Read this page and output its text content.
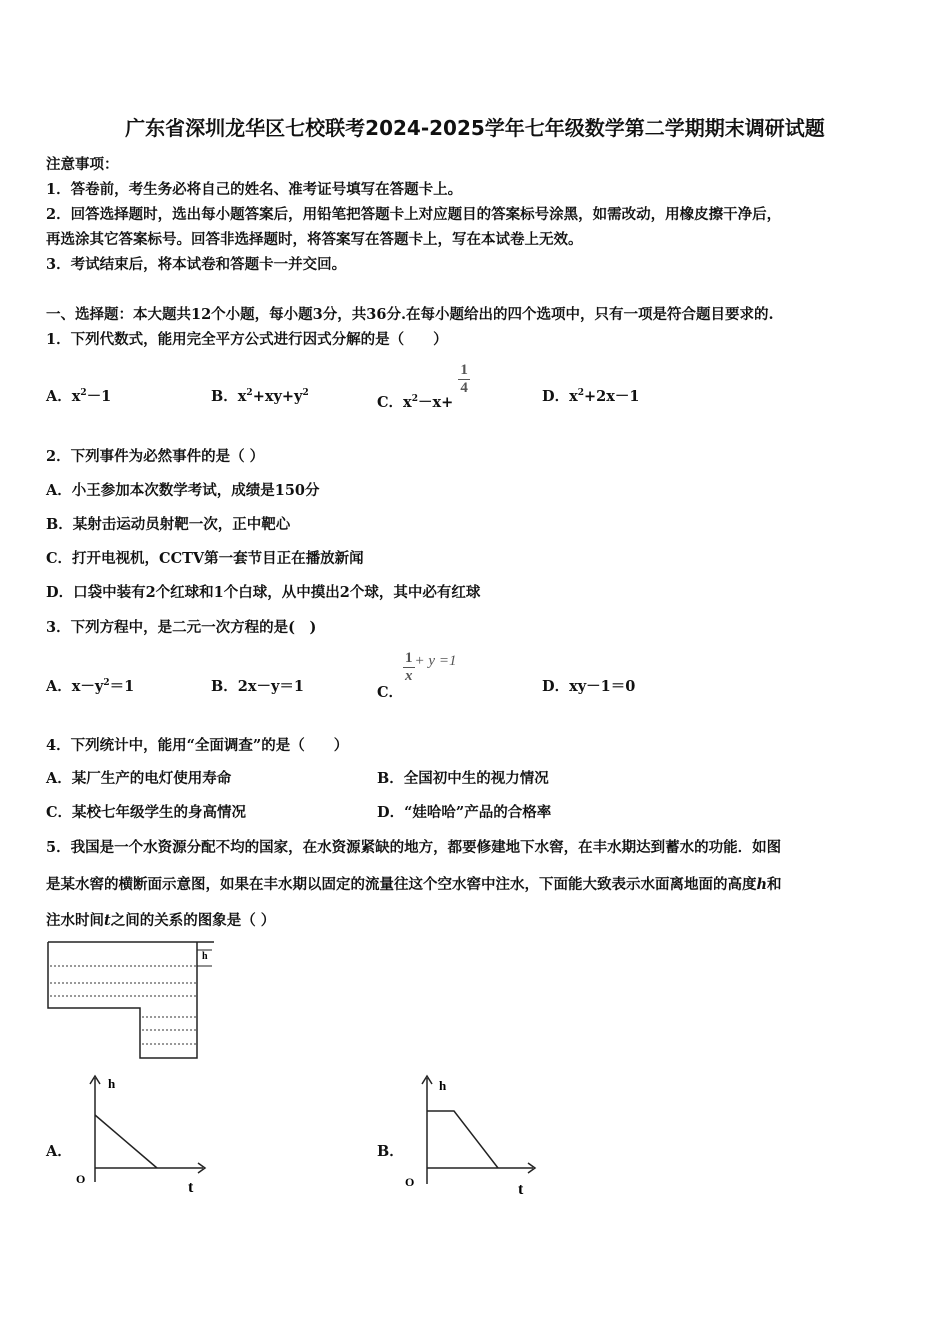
广东省深圳龙华区七校联考2024-2025学年七年级数学第二学期期末调研试题
注意事项：
1．答卷前，考生务必将自己的姓名、准考证号填写在答题卡上。
2．回答选择题时，选出每小题答案后，用铅笔把答题卡上对应题目的答案标号涂黑，如需改动，用橡皮擦干净后，
再选涂其它答案标号。回答非选择题时，将答案写在答题卡上，写在本试卷上无效。
3．考试结束后，将本试卷和答题卡一并交回。
一、选择题：本大题共12个小题，每小题3分，共36分.在每小题给出的四个选项中，只有一项是符合题目要求的.
1．下列代数式，能用完全平方公式进行因式分解的是（　　）
A．$x^2-1$	B．$x^2+xy+y^2$
C．$x^2-x+$
$\frac{1}{4}$	D．$x^2+2x-1$
2．下列事件为必然事件的是（ ）
A．小王参加本次数学考试，成绩是150分
B．某射击运动员射靶一次，正中靶心
C．打开电视机，CCTV第一套节目正在播放新闻
D．口袋中装有2个红球和1个白球，从中摸出2个球，其中必有红球
3．下列方程中，是二元一次方程的是(　)
A．$x-y^2=1$	B．2x－y＝1	C．
$\frac{1}{x} + y =1$
D．xy－1＝0
4．下列统计中，能用“全面调查”的是（　　）
A．某厂生产的电灯使用寿命	B．全国初中生的视力情况
C．某校七年级学生的身高情况	D．“娃哈哈”产品的合格率
5．我国是一个水资源分配不均的国家，在水资源紧缺的地方，都要修建地下水窖，在丰水期达到蓄水的功能．如图
是某水窖的横断面示意图，如果在丰水期以固定的流量往这个空水窖中注水，下面能大致表示水面离地面的高度h和
注水时间t之间的关系的图象是（ ）
h
A．
h
t
O
B．
h
t
O
